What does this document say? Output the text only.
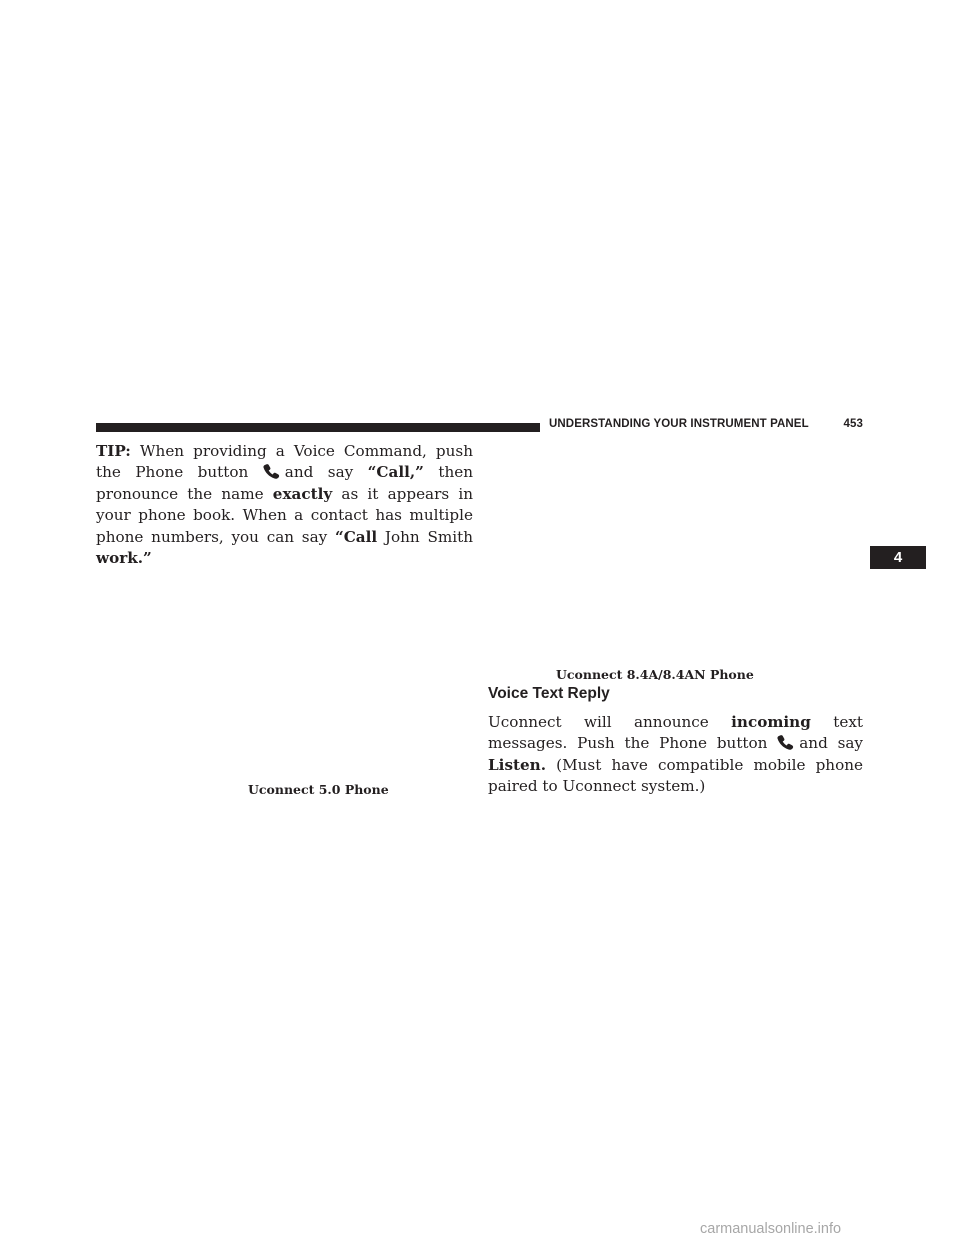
UNDERSTANDING YOUR INSTRUMENT PANEL	453
4
TIP: When providing a Voice Command, push the Phone button
and say “Call,” then pronounce the name exactly as it appears in your phone book. When a contact has multiple phone numbers, you can say “Call John Smith work.”
Uconnect 8.4A/8.4AN Phone
Voice Text Reply
Uconnect will announce incoming text messages. Push the Phone button
and say Listen. (Must have compatible mobile phone paired to Uconnect system.)
Uconnect 5.0 Phone
carmanualsonline.info
